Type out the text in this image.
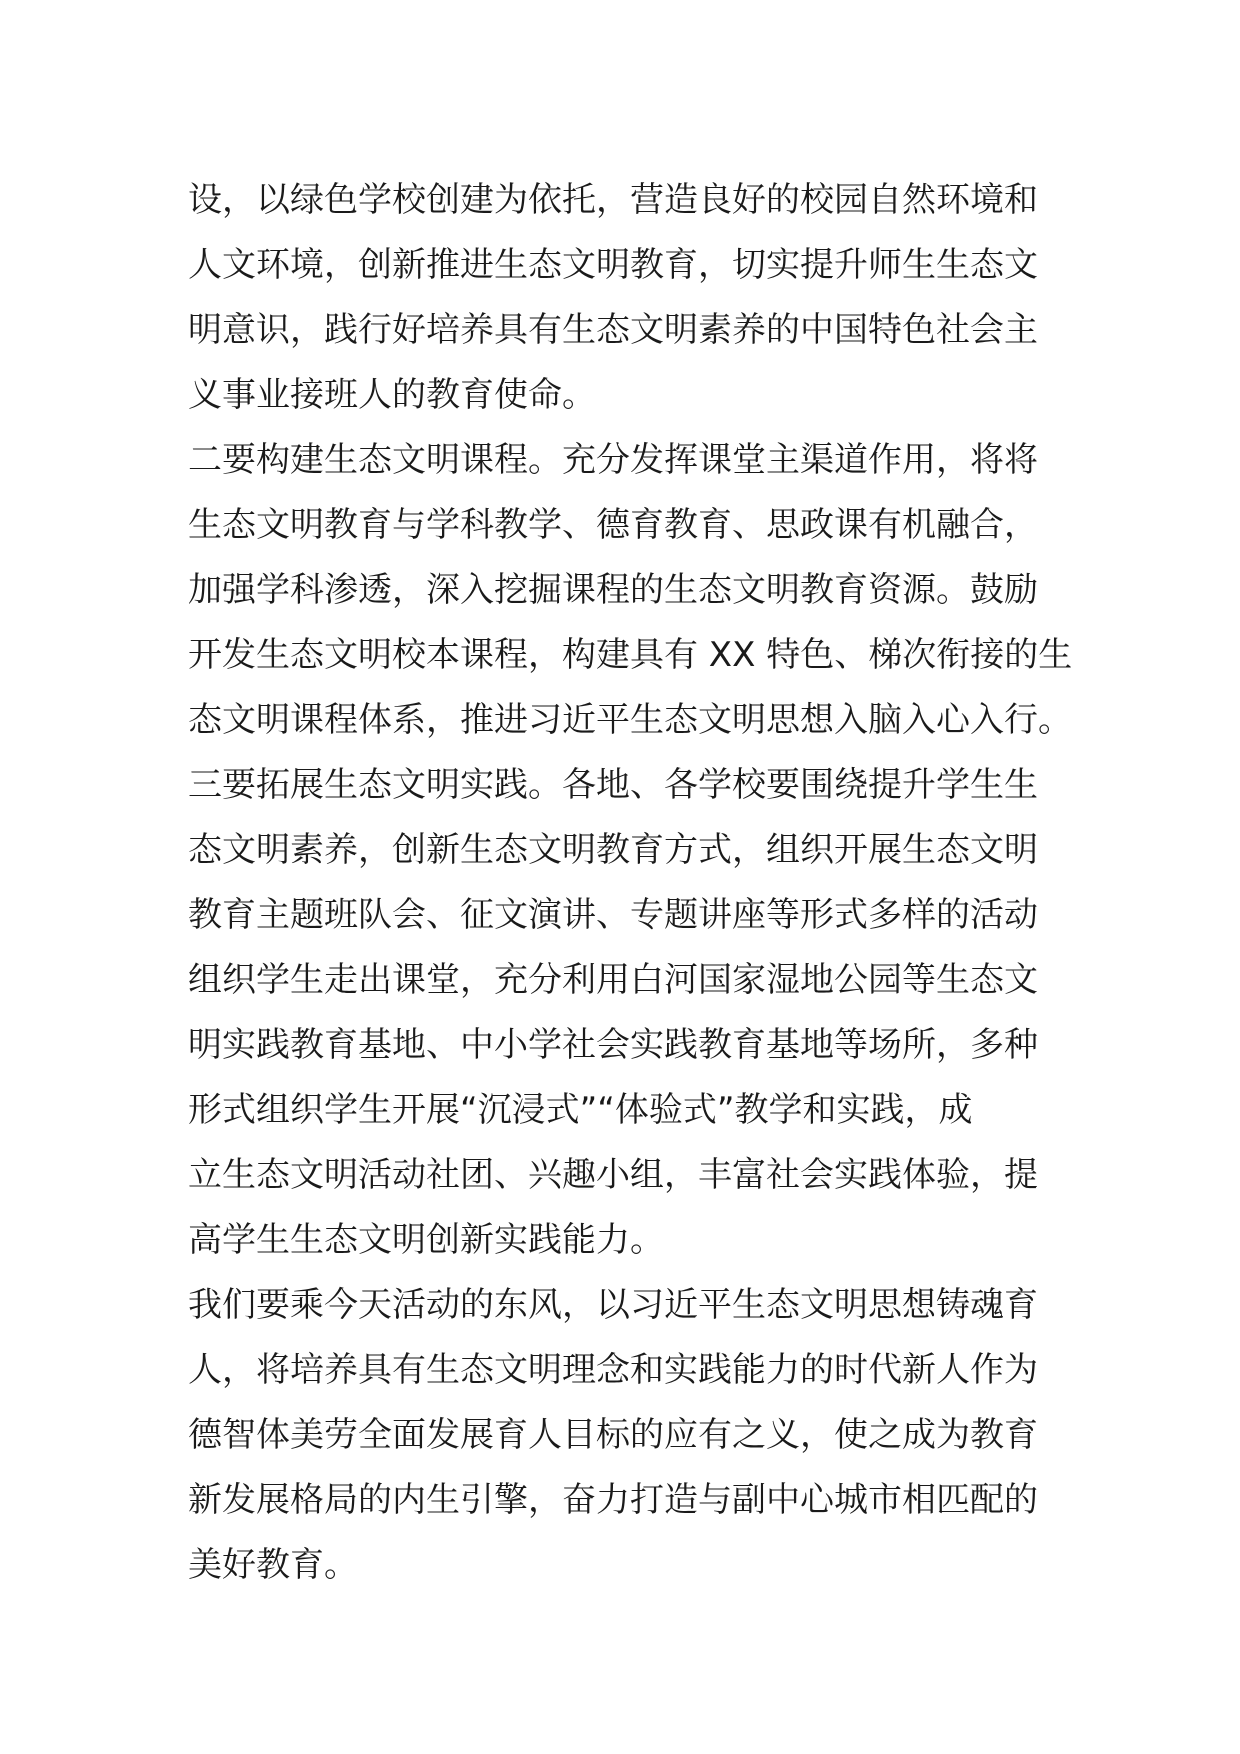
设，以绿色学校创建为依托，营造良好的校园自然环境和
人文环境，创新推进生态文明教育，切实提升师生生态文
明意识，践行好培养具有生态文明素养的中国特色社会主
义事业接班人的教育使命。
二要构建生态文明课程。充分发挥课堂主渠道作用，将将
生态文明教育与学科教学、德育教育、思政课有机融合，
加强学科渗透，深入挖掘课程的生态文明教育资源。鼓励
开发生态文明校本课程，构建具有 XX 特色、梯次衔接的生
态文明课程体系，推进习近平生态文明思想入脑入心入行。
三要拓展生态文明实践。各地、各学校要围绕提升学生生
态文明素养，创新生态文明教育方式，组织开展生态文明
教育主题班队会、征文演讲、专题讲座等形式多样的活动
组织学生走出课堂，充分利用白河国家湿地公园等生态文
明实践教育基地、中小学社会实践教育基地等场所，多种
形式组织学生开展“沉浸式”“体验式”教学和实践，成
立生态文明活动社团、兴趣小组，丰富社会实践体验，提
高学生生态文明创新实践能力。
我们要乘今天活动的东风，以习近平生态文明思想铸魂育
人，将培养具有生态文明理念和实践能力的时代新人作为
德智体美劳全面发展育人目标的应有之义，使之成为教育
新发展格局的内生引擎，奋力打造与副中心城市相匹配的
美好教育。
